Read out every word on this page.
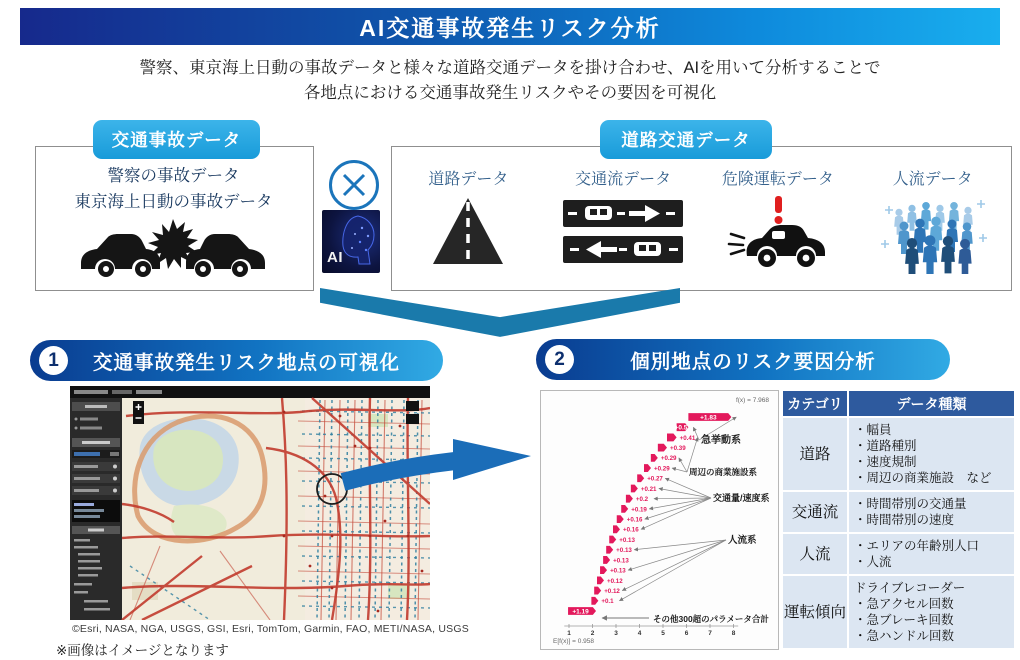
AI交通事故発生リスク分析
警察、東京海上日動の事故データと様々な道路交通データを掛け合わせ、AIを用いて分析することで
各地点における交通事故発生リスクやその要因を可視化
交通事故データ
警察の事故データ
東京海上日動の事故データ
AI
道路交通データ
道路データ	交通流データ	危険運転データ	人流データ
1	交通事故発生リスク地点の可視化
©Esri, NASA, NGA, USGS, GSI, Esri, TomTom, Garmin, FAO, METI/NASA, USGS
※画像はイメージとなります
2	個別地点のリスク要因分析
+1.83
+0.5
+0.41
+0.39
+0.29
+0.29
+0.27
+0.21
+0.2
+0.19
+0.16
+0.16
+0.13
+0.13
+0.13
+0.13
+0.12
+0.12
+0.1
+1.19
1	2	3	4	5	6	7	8
f(x) = 7.968
E[f(x)] = 0.958
急挙動系
周辺の商業施設系
交通量/速度系
人流系
その他300超のパラメータ合計
カテゴリ	データ種類
道路
・幅員
・道路種別
・速度規制
・周辺の商業施設　など
交通流	・時間帯別の交通量
・時間帯別の速度
人流	・エリアの年齢別人口
・人流
運転傾向
ドライブレコーダー
・急アクセル回数
・急ブレーキ回数
・急ハンドル回数
